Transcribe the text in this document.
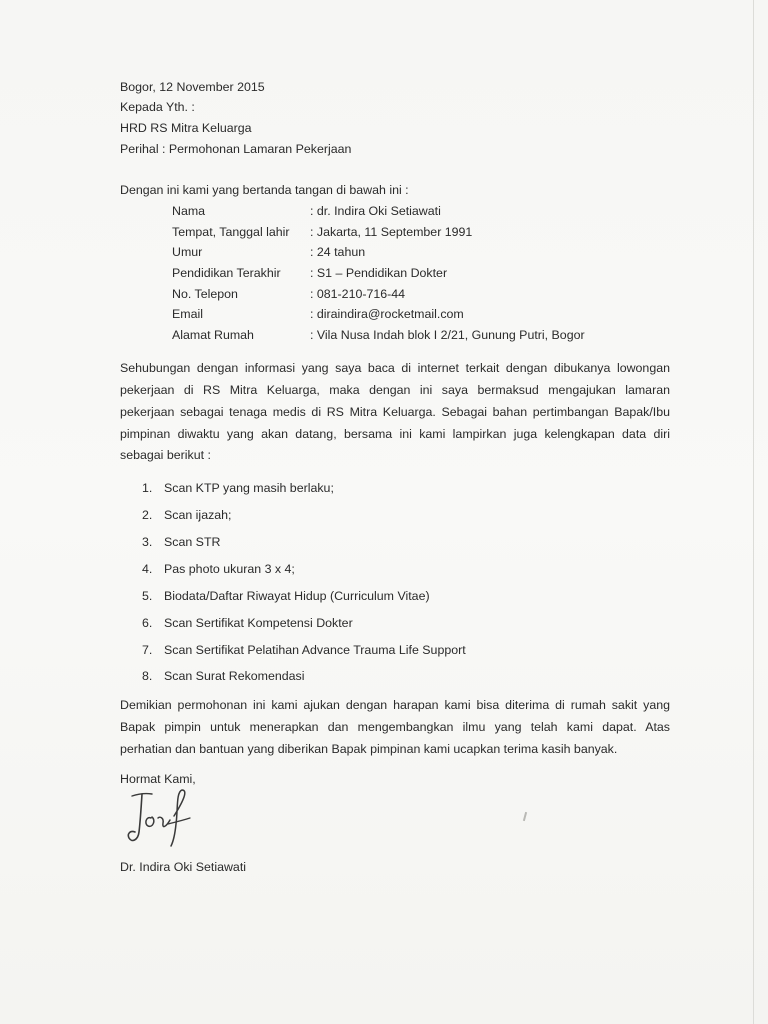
Bogor, 12 November 2015
Kepada Yth. :
HRD RS Mitra Keluarga
Perihal : Permohonan Lamaran Pekerjaan
Dengan ini kami yang bertanda tangan di bawah ini :
Nama	: dr. Indira Oki Setiawati
Tempat, Tanggal lahir : Jakarta, 11 September 1991
Umur	: 24 tahun
Pendidikan Terakhir : S1 – Pendidikan Dokter
No. Telepon	: 081-210-716-44
Email	: diraindira@rocketmail.com
Alamat Rumah	: Vila Nusa Indah blok I 2/21, Gunung Putri, Bogor
Sehubungan dengan informasi yang saya baca di internet terkait dengan dibukanya lowongan
pekerjaan di RS Mitra Keluarga, maka dengan ini saya bermaksud mengajukan lamaran
pekerjaan sebagai tenaga medis di RS Mitra Keluarga. Sebagai bahan pertimbangan Bapak/Ibu
pimpinan diwaktu yang akan datang, bersama ini kami lampirkan juga kelengkapan data diri
sebagai berikut :
1. Scan KTP yang masih berlaku;
2. Scan ijazah;
3. Scan STR
4. Pas photo ukuran 3 x 4;
5. Biodata/Daftar Riwayat Hidup (Curriculum Vitae)
6. Scan Sertifikat Kompetensi Dokter
7. Scan Sertifikat Pelatihan Advance Trauma Life Support
8. Scan Surat Rekomendasi
Demikian permohonan ini kami ajukan dengan harapan kami bisa diterima di rumah sakit yang
Bapak pimpin untuk menerapkan dan mengembangkan ilmu yang telah kami dapat. Atas
perhatian dan bantuan yang diberikan Bapak pimpinan kami ucapkan terima kasih banyak.
Hormat Kami,
Dr. Indira Oki Setiawati
